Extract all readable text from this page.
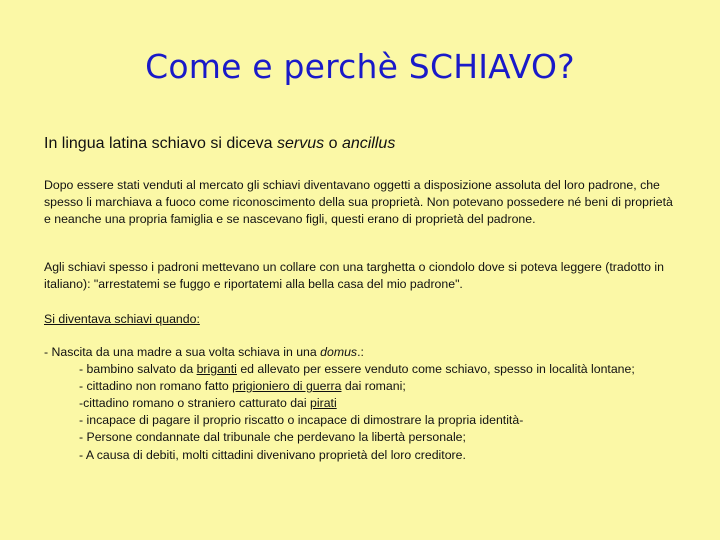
Come e perchè SCHIAVO?

In lingua latina schiavo si diceva servus o ancillus

Dopo essere stati venduti al mercato gli schiavi diventavano oggetti a disposizione assoluta del loro padrone, che spesso li marchiava a fuoco come riconoscimento della sua proprietà. Non potevano possedere né beni di proprietà e neanche una propria famiglia e se nascevano figli, questi erano di proprietà del padrone.

Agli schiavi spesso i padroni mettevano un collare con una targhetta o ciondolo dove si poteva leggere (tradotto in italiano): "arrestatemi se fuggo e riportatemi alla bella casa del mio padrone".

Si diventava schiavi quando:

- Nascita da una madre a sua volta schiava in una domus.:

- bambino salvato da briganti ed allevato per essere venduto come schiavo, spesso in località lontane;

- cittadino non romano fatto prigioniero di guerra dai romani;

-cittadino romano o straniero catturato dai pirati

- incapace di pagare il proprio riscatto o incapace di dimostrare la propria identità-

- Persone condannate dal tribunale che perdevano la libertà personale;

- A causa di debiti, molti cittadini divenivano proprietà del loro creditore.
